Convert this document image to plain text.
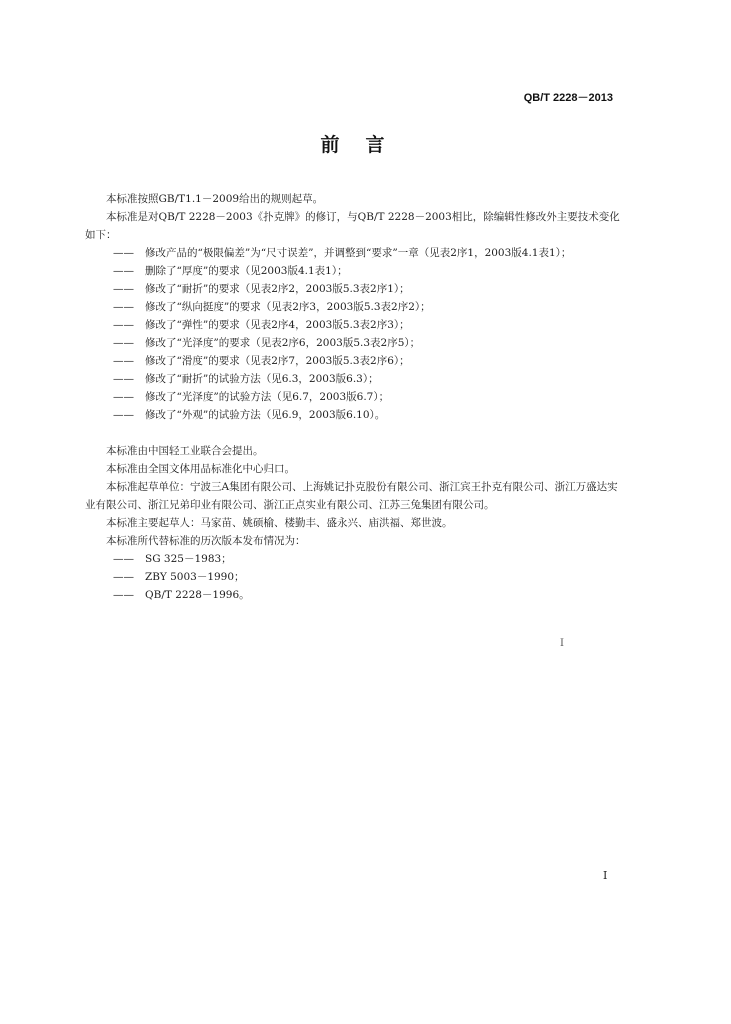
QB/T 2228－2013
前言

本标准按照GB/T1.1－2009给出的规则起草。

本标准是对QB/T 2228－2003《扑克牌》的修订，与QB/T 2228－2003相比，除编辑性修改外主要技术变化如下：

—— 修改产品的“极限偏差”为“尺寸误差”，并调整到“要求”一章（见表2序1，2003版4.1表1）；
—— 删除了“厚度”的要求（见2003版4.1表1）；
—— 修改了“耐折”的要求（见表2序2，2003版5.3表2序1）；
—— 修改了“纵向挺度”的要求（见表2序3，2003版5.3表2序2）；
—— 修改了“弹性”的要求（见表2序4，2003版5.3表2序3）；
—— 修改了“光泽度”的要求（见表2序6，2003版5.3表2序5）；
—— 修改了“滑度”的要求（见表2序7，2003版5.3表2序6）；
—— 修改了“耐折”的试验方法（见6.3，2003版6.3）；
—— 修改了“光泽度”的试验方法（见6.7，2003版6.7）；
—— 修改了“外观”的试验方法（见6.9，2003版6.10）。

本标准由中国轻工业联合会提出。

本标准由全国文体用品标准化中心归口。

本标准起草单位：宁波三A集团有限公司、上海姚记扑克股份有限公司、浙江宾王扑克有限公司、浙江万盛达实业有限公司、浙江兄弟印业有限公司、浙江正点实业有限公司、江苏三兔集团有限公司。

本标准主要起草人：马家苗、姚硕榆、楼勤丰、盛永兴、庙洪福、郑世波。

本标准所代替标准的历次版本发布情况为：

—— SG 325－1983；
—— ZBY 5003－1990；
—— QB/T 2228－1996。
I
I
